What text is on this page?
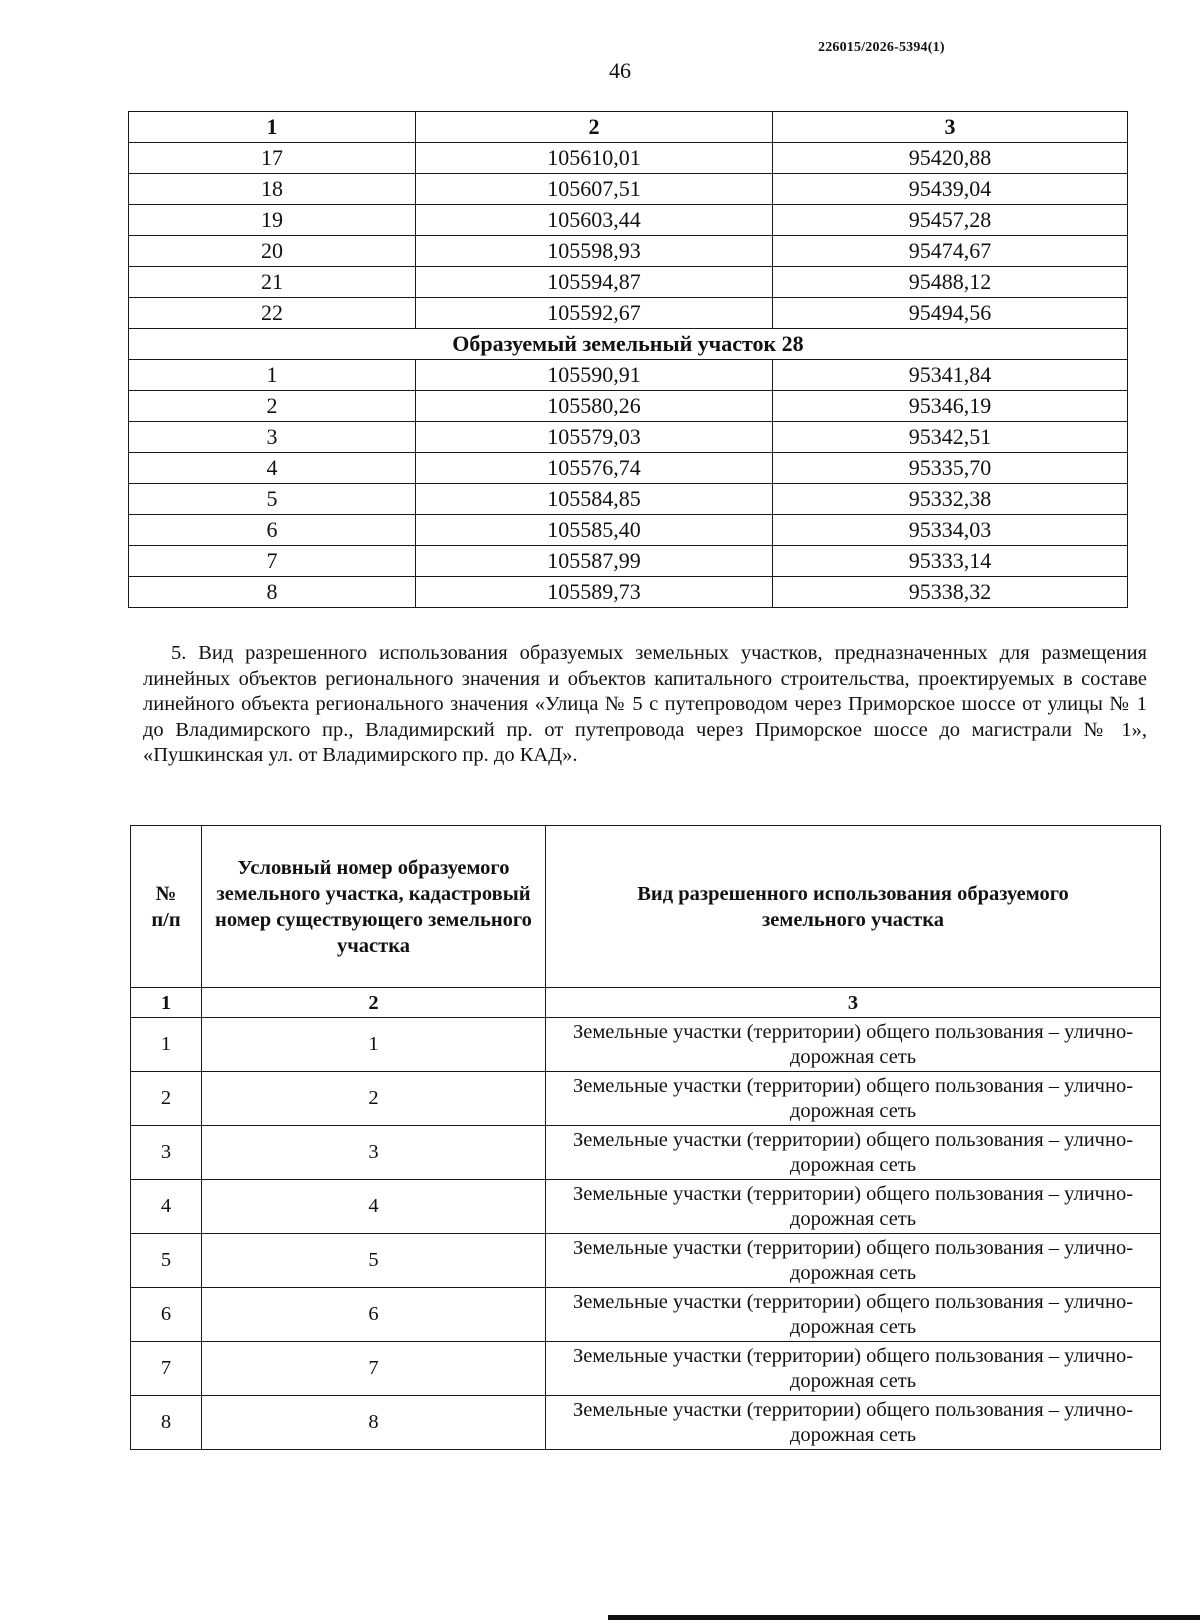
226015/2026-5394(1)
46
1	2	3
17	105610,01	95420,88
18	105607,51	95439,04
19	105603,44	95457,28
20	105598,93	95474,67
21	105594,87	95488,12
22	105592,67	95494,56
Образуемый земельный участок 28		
1	105590,91	95341,84
2	105580,26	95346,19
3	105579,03	95342,51
4	105576,74	95335,70
5	105584,85	95332,38
6	105585,40	95334,03
7	105587,99	95333,14
8	105589,73	95338,32

5. Вид разрешенного использования образуемых земельных участков, предназначенных для размещения линейных объектов регионального значения и объектов капитального строительства, проектируемых в составе линейного объекта регионального значения «Улица № 5 с путепроводом через Приморское шоссе от улицы № 1 до Владимирского пр., Владимирский пр. от путепровода через Приморское шоссе до магистрали № 1», «Пушкинская ул. от Владимирского пр. до КАД».

№
п/п	Условный номер образуемого земельного участка, кадастровый номер существующего земельного участка	Вид разрешенного использования образуемого земельного участка
1	2	3
1	1	Земельные участки (территории) общего пользования – улично-дорожная сеть
2	2	Земельные участки (территории) общего пользования – улично-дорожная сеть
3	3	Земельные участки (территории) общего пользования – улично-дорожная сеть
4	4	Земельные участки (территории) общего пользования – улично-дорожная сеть
5	5	Земельные участки (территории) общего пользования – улично-дорожная сеть
6	6	Земельные участки (территории) общего пользования – улично-дорожная сеть
7	7	Земельные участки (территории) общего пользования – улично-дорожная сеть
8	8	Земельные участки (территории) общего пользования – улично-дорожная сеть
